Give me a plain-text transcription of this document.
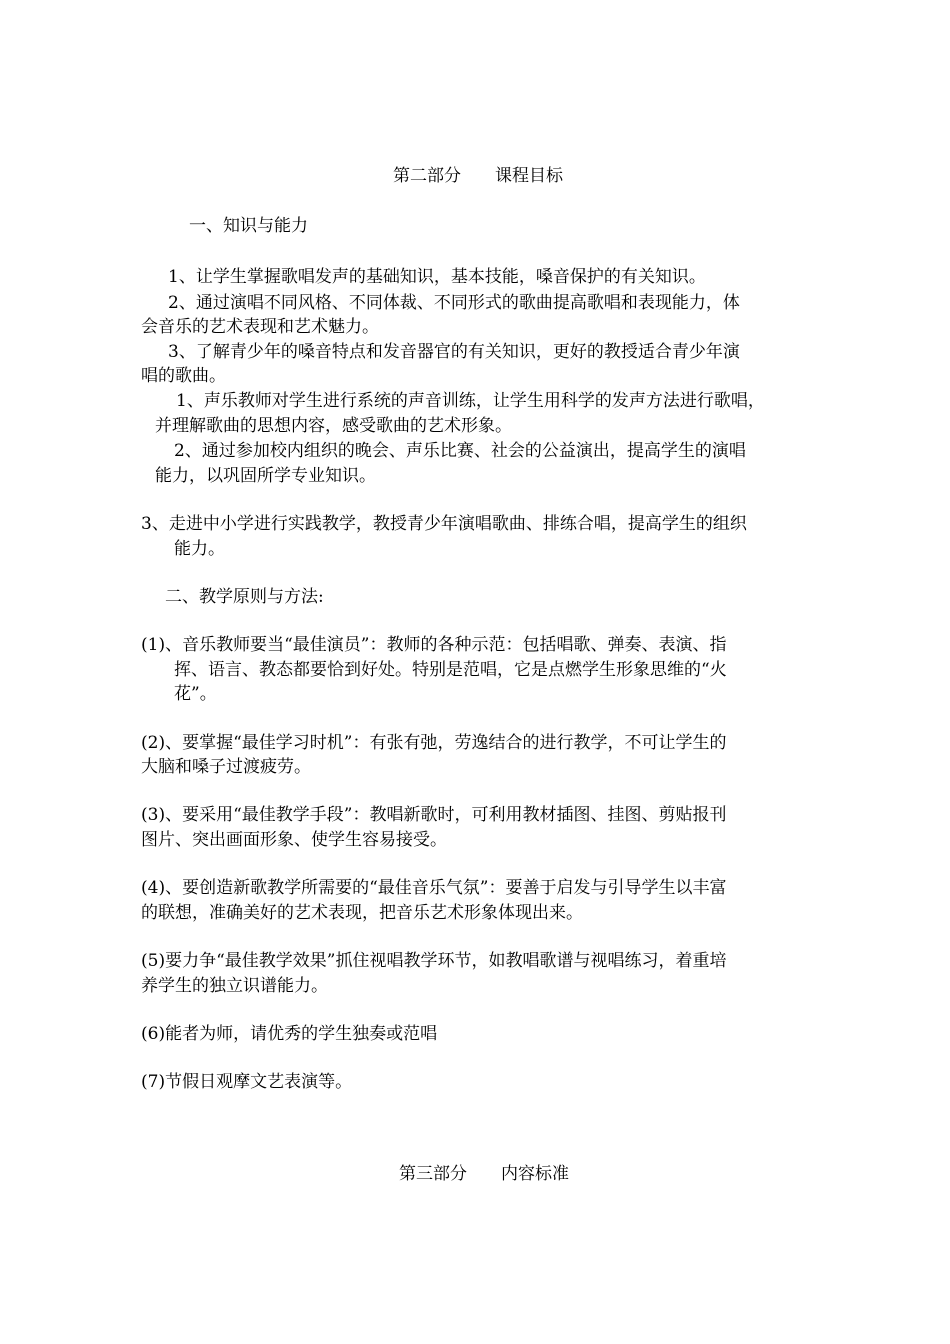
第二部分　　课程目标
一、知识与能力
1、让学生掌握歌唱发声的基础知识，基本技能，嗓音保护的有关知识。
2、通过演唱不同风格、不同体裁、不同形式的歌曲提高歌唱和表现能力，体
会音乐的艺术表现和艺术魅力。
3、了解青少年的嗓音特点和发音器官的有关知识，更好的教授适合青少年演
唱的歌曲。
1、声乐教师对学生进行系统的声音训练，让学生用科学的发声方法进行歌唱，
并理解歌曲的思想内容，感受歌曲的艺术形象。
2、通过参加校内组织的晚会、声乐比赛、社会的公益演出，提高学生的演唱
能力，以巩固所学专业知识。
3、走进中小学进行实践教学，教授青少年演唱歌曲、排练合唱，提高学生的组织
能力。
二、教学原则与方法:
(1)、音乐教师要当“最佳演员”：教师的各种示范：包括唱歌、弹奏、表演、指
挥、语言、教态都要恰到好处。特别是范唱，它是点燃学生形象思维的“火
花”。
(2)、要掌握“最佳学习时机”：有张有弛，劳逸结合的进行教学，不可让学生的
大脑和嗓子过渡疲劳。
(3)、要采用“最佳教学手段”：教唱新歌时，可利用教材插图、挂图、剪贴报刊
图片、突出画面形象、使学生容易接受。
(4)、要创造新歌教学所需要的“最佳音乐气氛”：要善于启发与引导学生以丰富
的联想，准确美好的艺术表现，把音乐艺术形象体现出来。
(5)要力争“最佳教学效果”抓住视唱教学环节，如教唱歌谱与视唱练习，着重培
养学生的独立识谱能力。
(6)能者为师，请优秀的学生独奏或范唱
(7)节假日观摩文艺表演等。
第三部分　　内容标准
